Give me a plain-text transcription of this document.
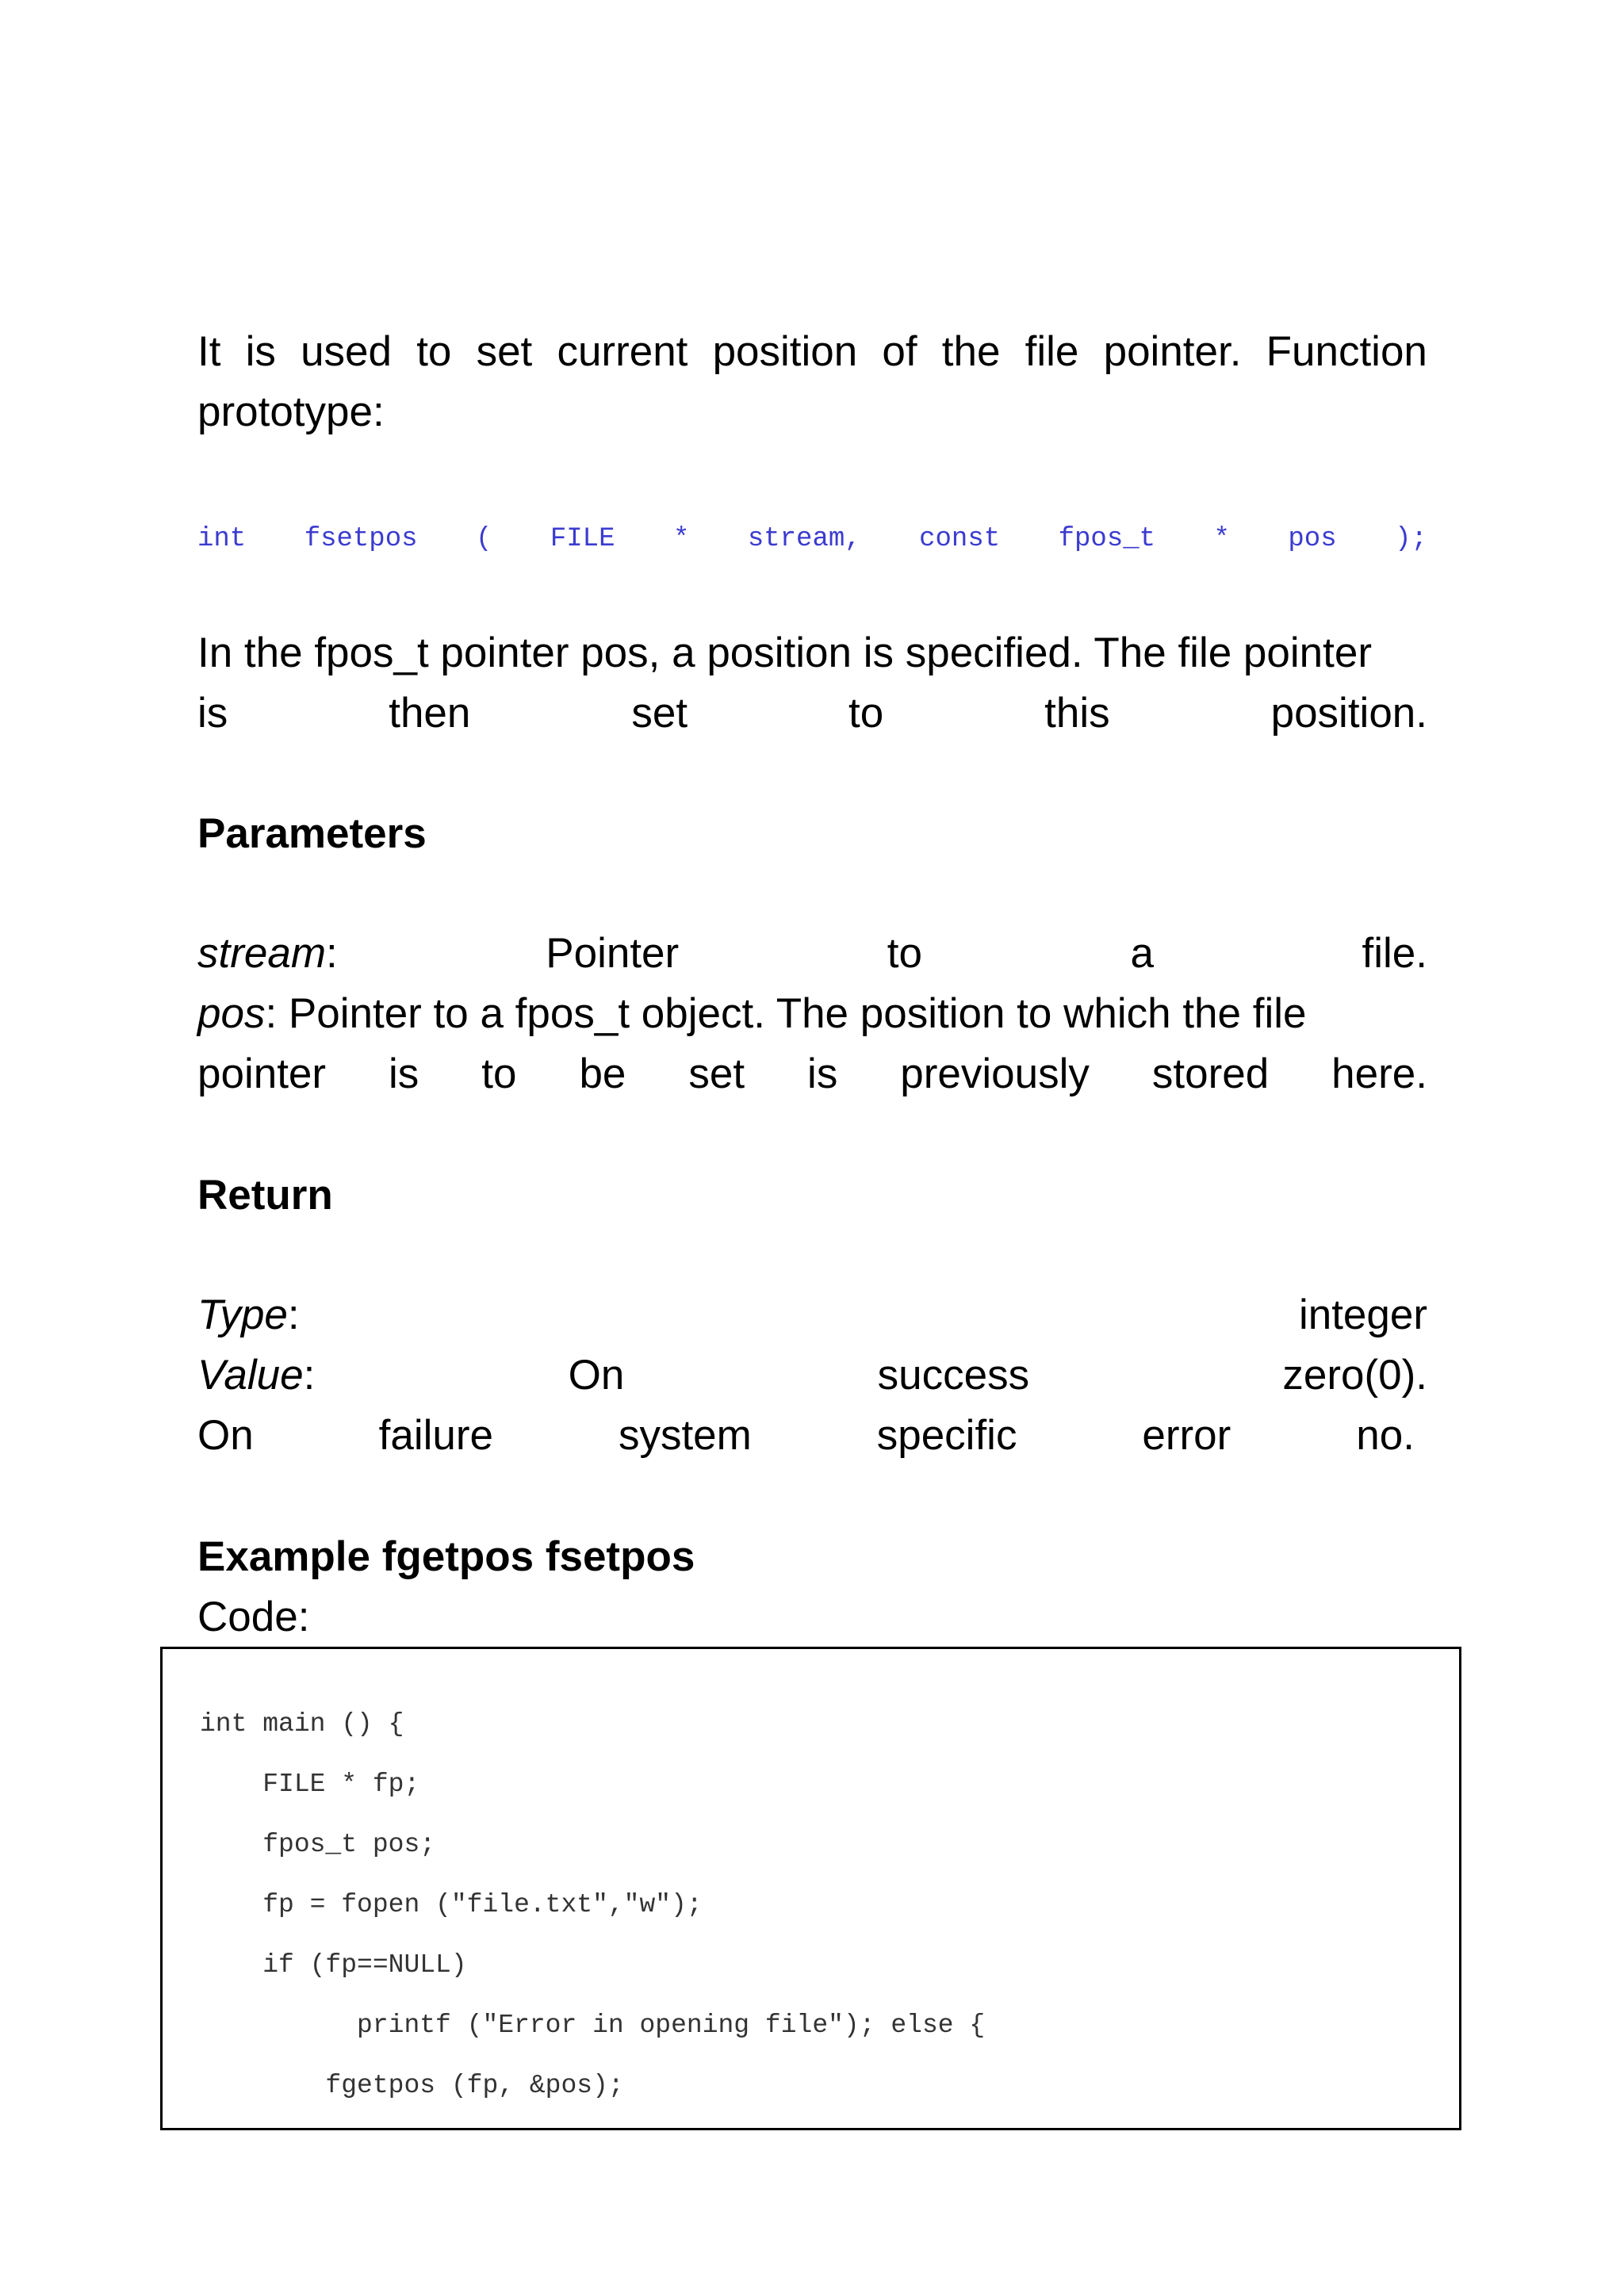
It is used to set current position of the file pointer. Function
prototype:
int fsetpos ( FILE * stream, const fpos_t * pos );
In the fpos_t pointer pos, a position is specified. The file pointer
is	then	set	to	this	position.
Parameters
stream:	Pointer	to	a	file.
pos: Pointer to a fpos_t object. The position to which the file
pointer is to be set is previously stored here.
Return
Type:	integer
Value:	On	success	zero(0).
On	failure	system	specific	error	no.
Example fgetpos fsetpos
Code:
int main () {
FILE * fp;
fpos_t pos;
fp = fopen ("file.txt","w");
if (fp==NULL)
printf ("Error in opening file"); else {
fgetpos (fp, &pos);
